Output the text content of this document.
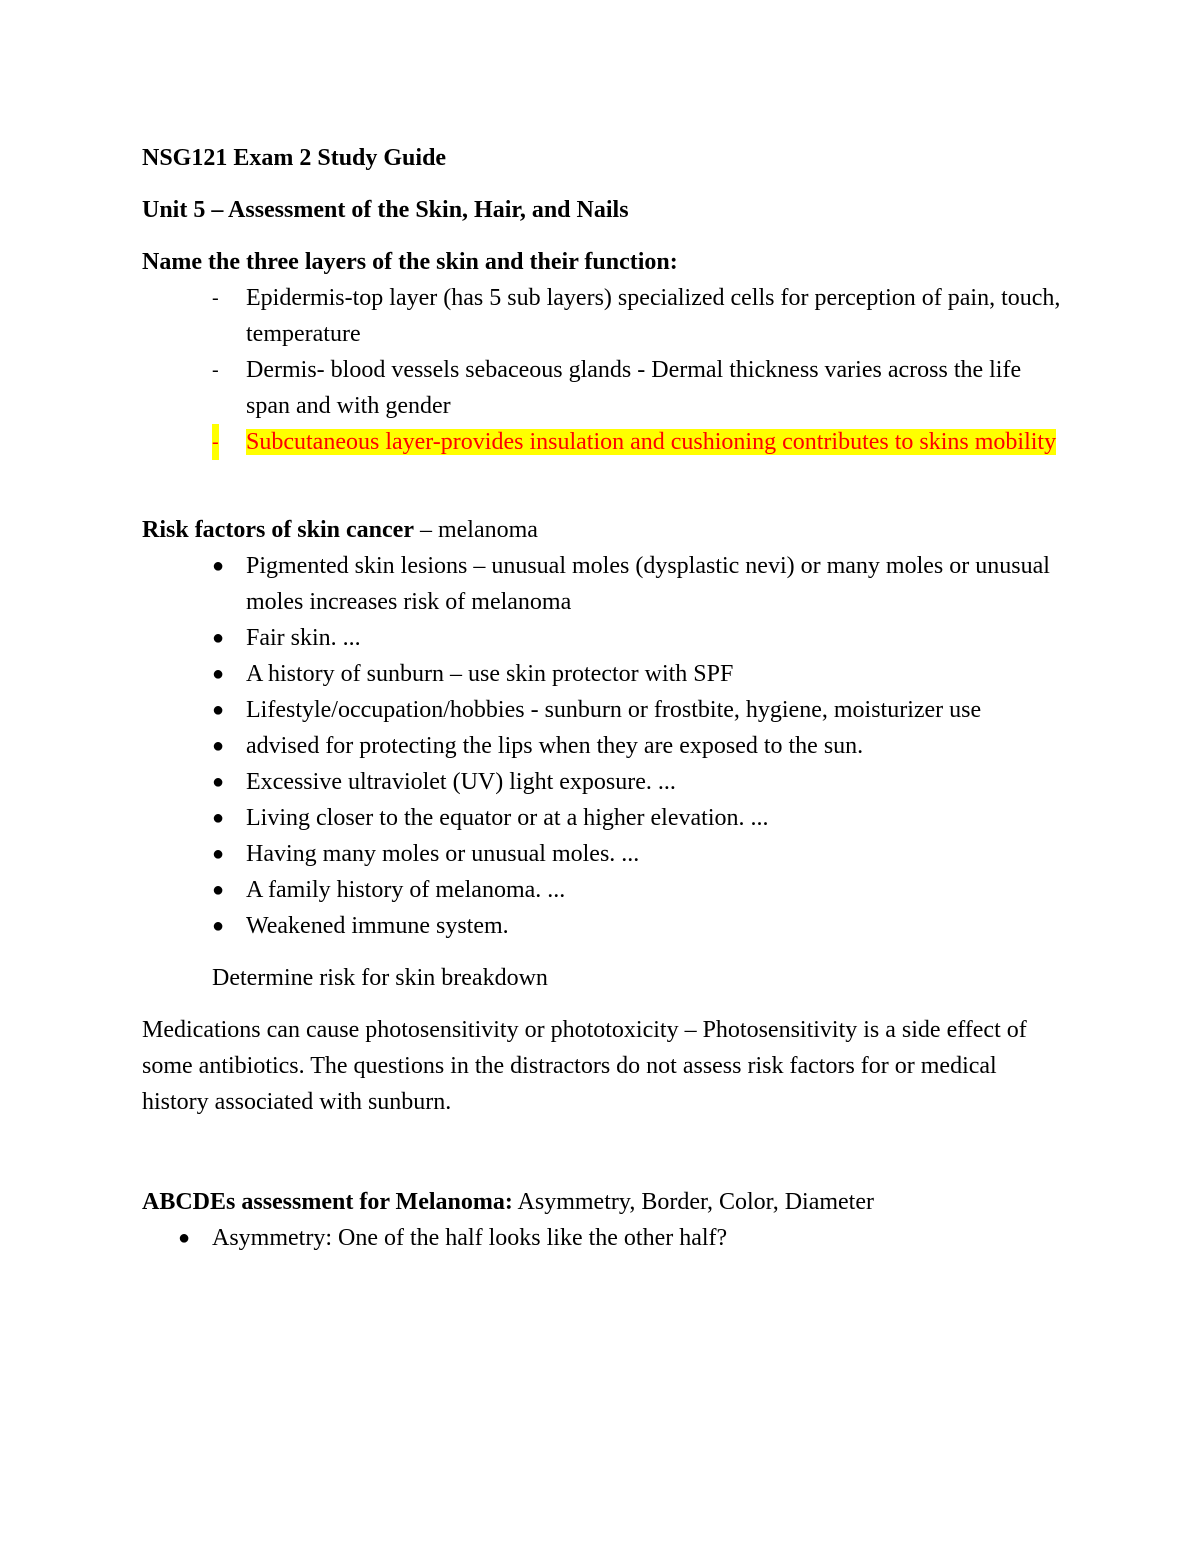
NSG121 Exam 2 Study Guide

Unit 5 – Assessment of the Skin, Hair, and Nails

Name the three layers of the skin and their function:

- Epidermis-top layer (has 5 sub layers) specialized cells for perception of pain, touch, temperature
- Dermis- blood vessels sebaceous glands - Dermal thickness varies across the life span and with gender
- Subcutaneous layer-provides insulation and cushioning contributes to skins mobility

Risk factors of skin cancer – melanoma

● Pigmented skin lesions – unusual moles (dysplastic nevi) or many moles or unusual moles increases risk of melanoma
● Fair skin. ...
● A history of sunburn – use skin protector with SPF
● Lifestyle/occupation/hobbies - sunburn or frostbite, hygiene, moisturizer use
● advised for protecting the lips when they are exposed to the sun.
● Excessive ultraviolet (UV) light exposure. ...
● Living closer to the equator or at a higher elevation. ...
● Having many moles or unusual moles. ...
● A family history of melanoma. ...
● Weakened immune system.

Determine risk for skin breakdown

Medications can cause photosensitivity or phototoxicity – Photosensitivity is a side effect of some antibiotics. The questions in the distractors do not assess risk factors for or medical history associated with sunburn.

ABCDEs assessment for Melanoma: Asymmetry, Border, Color, Diameter

● Asymmetry: One of the half looks like the other half?
